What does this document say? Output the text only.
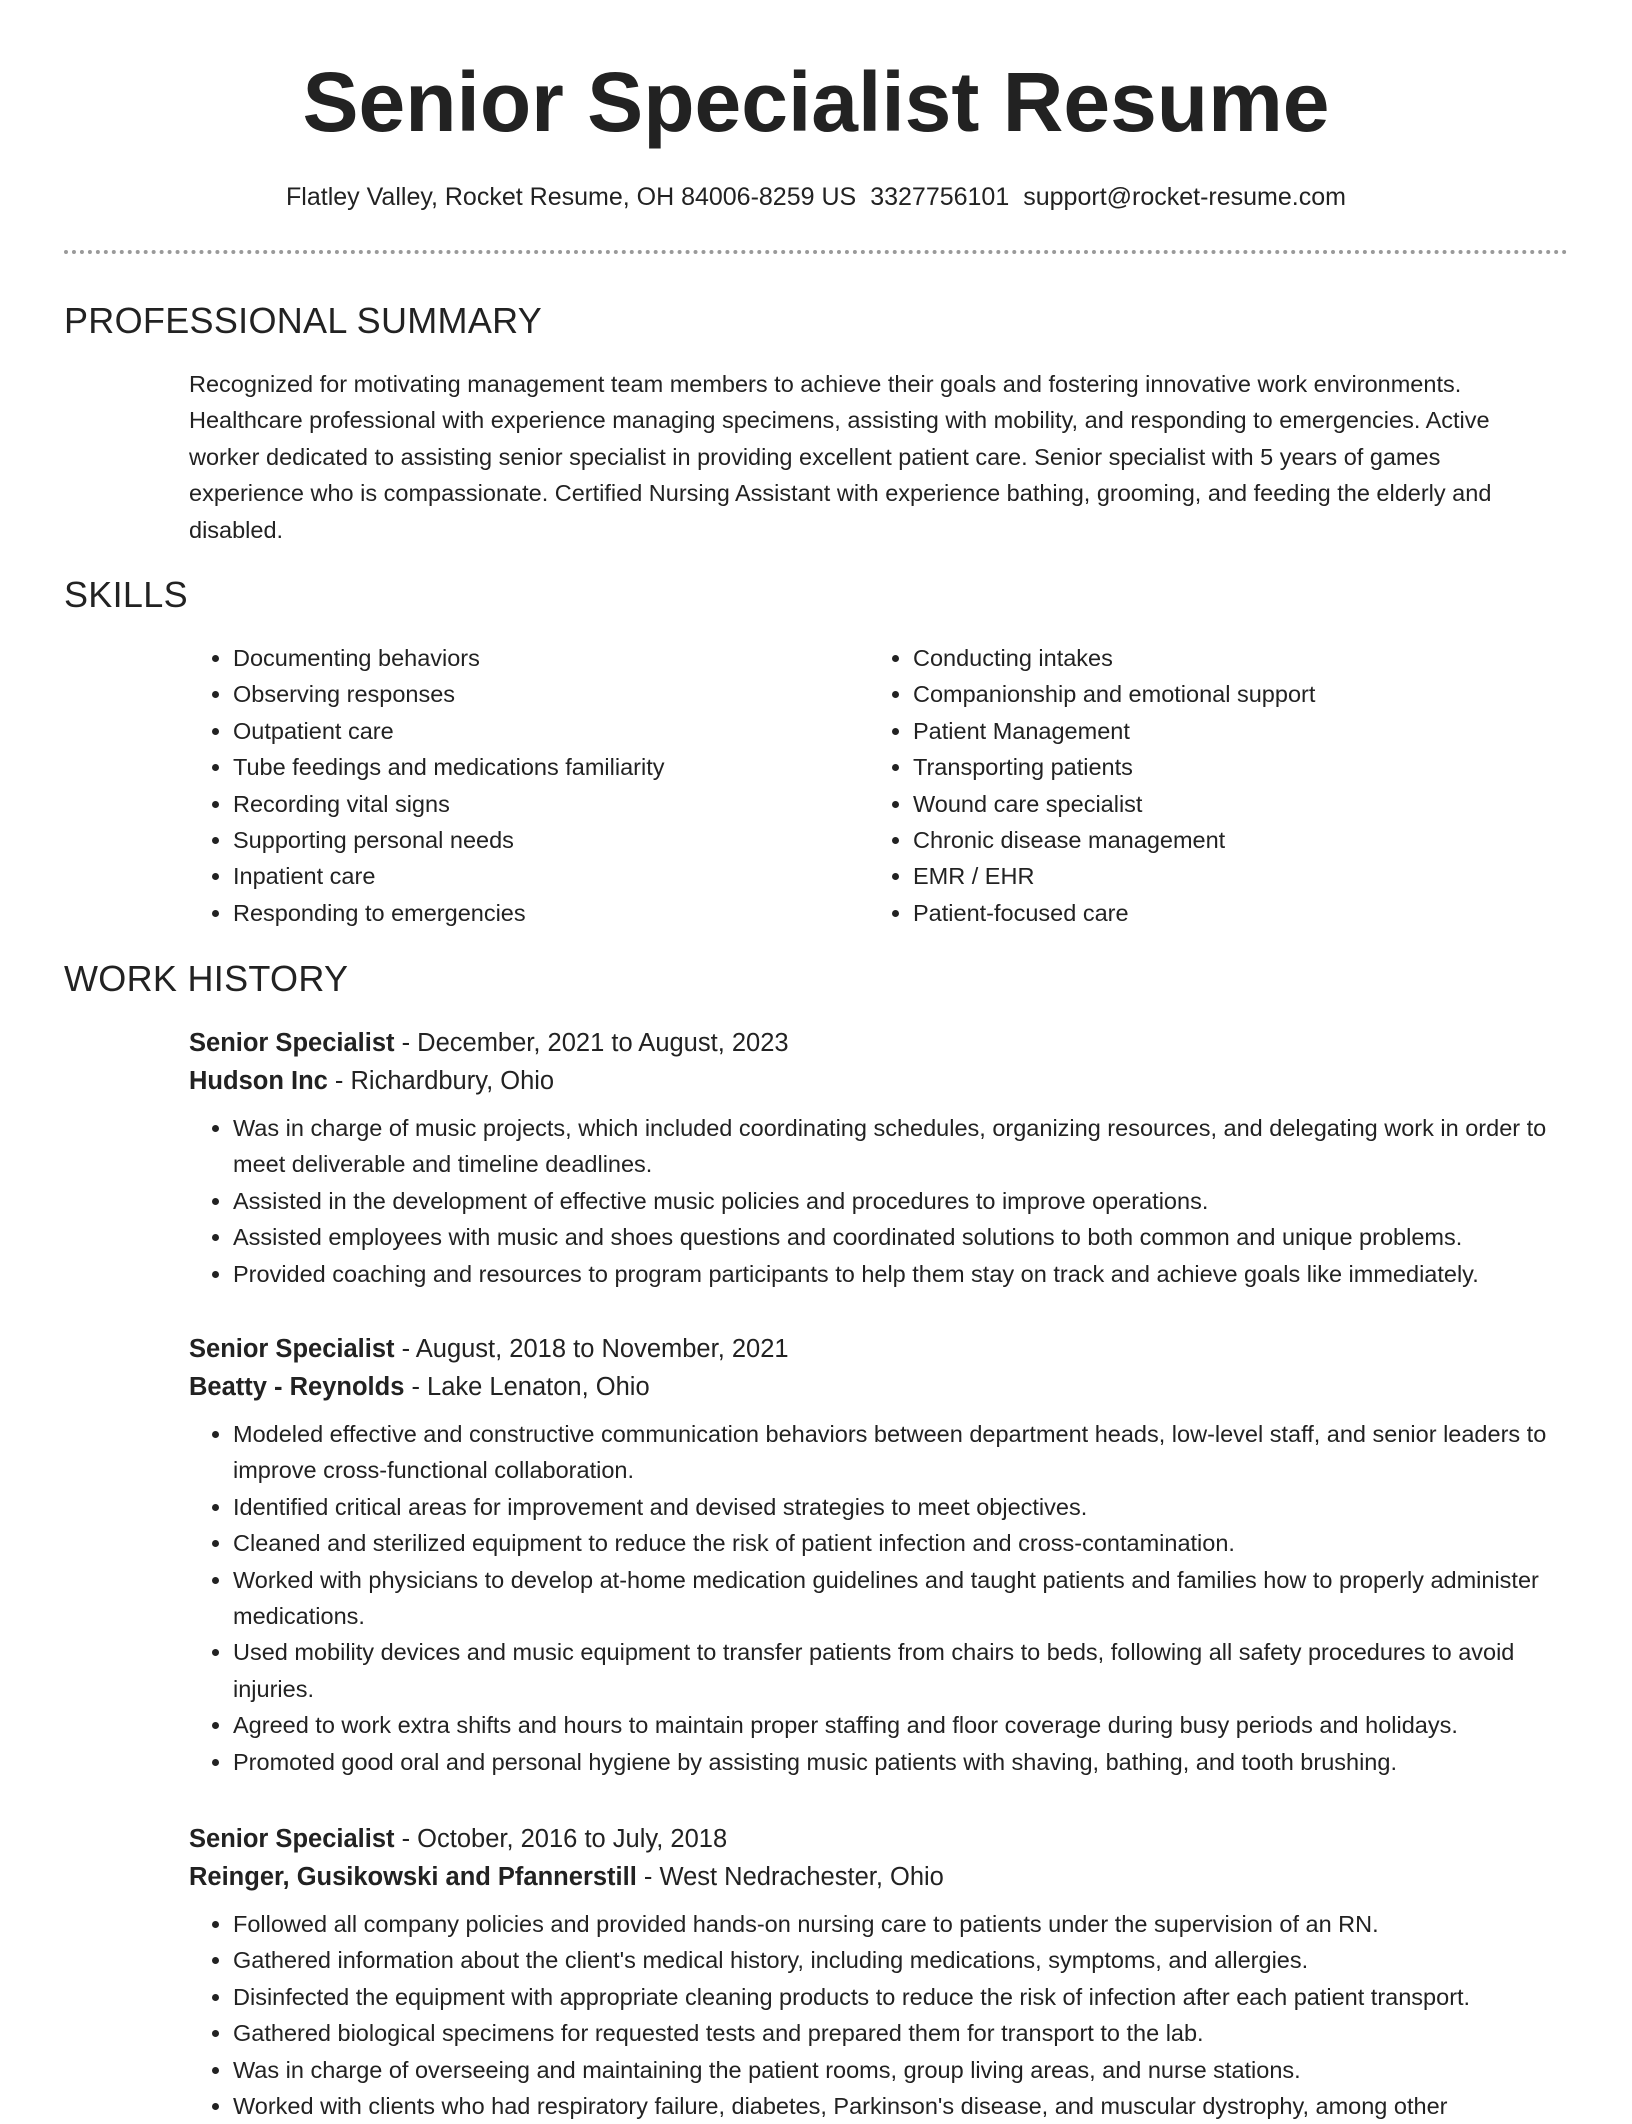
Senior Specialist Resume
Flatley Valley, Rocket Resume, OH 84006-8259 US 3327756101 support@rocket-resume.com
PROFESSIONAL SUMMARY

Recognized for motivating management team members to achieve their goals and fostering innovative work environments. Healthcare professional with experience managing specimens, assisting with mobility, and responding to emergencies. Active worker dedicated to assisting senior specialist in providing excellent patient care. Senior specialist with 5 years of games experience who is compassionate. Certified Nursing Assistant with experience bathing, grooming, and feeding the elderly and disabled.

SKILLS
• Documenting behaviors
• Observing responses
• Outpatient care
• Tube feedings and medications familiarity
• Recording vital signs
• Supporting personal needs
• Inpatient care
• Responding to emergencies
• Conducting intakes
• Companionship and emotional support
• Patient Management
• Transporting patients
• Wound care specialist
• Chronic disease management
• EMR / EHR
• Patient-focused care
WORK HISTORY

Senior Specialist - December, 2021 to August, 2023

Hudson Inc - Richardbury, Ohio

• Was in charge of music projects, which included coordinating schedules, organizing resources, and delegating work in order to meet deliverable and timeline deadlines.
• Assisted in the development of effective music policies and procedures to improve operations.
• Assisted employees with music and shoes questions and coordinated solutions to both common and unique problems.
• Provided coaching and resources to program participants to help them stay on track and achieve goals like immediately.

Senior Specialist - August, 2018 to November, 2021

Beatty - Reynolds - Lake Lenaton, Ohio

• Modeled effective and constructive communication behaviors between department heads, low-level staff, and senior leaders to improve cross-functional collaboration.
• Identified critical areas for improvement and devised strategies to meet objectives.
• Cleaned and sterilized equipment to reduce the risk of patient infection and cross-contamination.
• Worked with physicians to develop at-home medication guidelines and taught patients and families how to properly administer medications.
• Used mobility devices and music equipment to transfer patients from chairs to beds, following all safety procedures to avoid injuries.
• Agreed to work extra shifts and hours to maintain proper staffing and floor coverage during busy periods and holidays.
• Promoted good oral and personal hygiene by assisting music patients with shaving, bathing, and tooth brushing.

Senior Specialist - October, 2016 to July, 2018

Reinger, Gusikowski and Pfannerstill - West Nedrachester, Ohio

• Followed all company policies and provided hands-on nursing care to patients under the supervision of an RN.
• Gathered information about the client's medical history, including medications, symptoms, and allergies.
• Disinfected the equipment with appropriate cleaning products to reduce the risk of infection after each patient transport.
• Gathered biological specimens for requested tests and prepared them for transport to the lab.
• Was in charge of overseeing and maintaining the patient rooms, group living areas, and nurse stations.
• Worked with clients who had respiratory failure, diabetes, Parkinson's disease, and muscular dystrophy, among other
